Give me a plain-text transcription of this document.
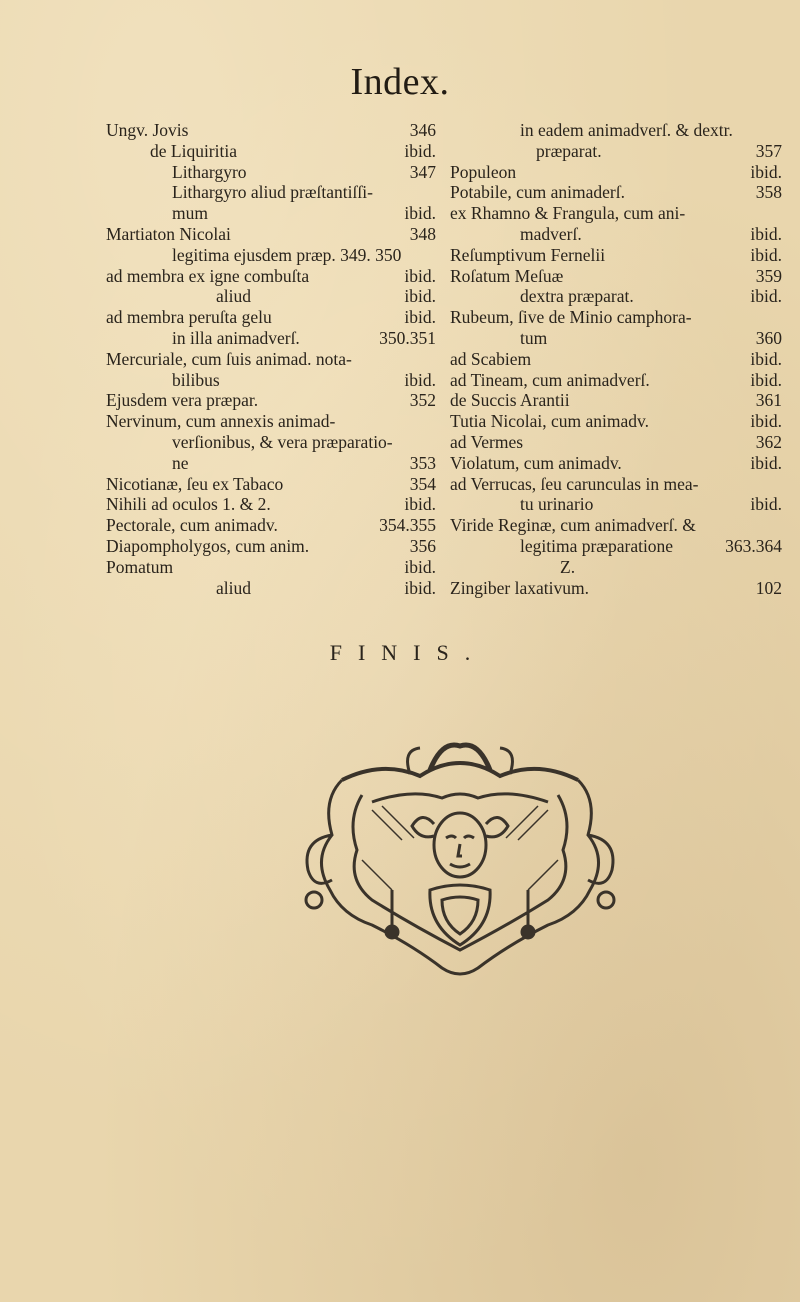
Index.
Ungv. Jovis	346
de Liquiritia	ibid.
Lithargyro	347
Lithargyro aliud præſtantiſſi-
mum	ibid.
Martiaton Nicolai	348
legitima ejusdem præp. 349. 350
ad membra ex igne combuſta	ibid.
aliud	ibid.
ad membra peruſta gelu	ibid.
in illa animadverſ.	350.351
Mercuriale, cum ſuis animad. nota-
bilibus	ibid.
Ejusdem vera præpar.	352
Nervinum, cum annexis animad-
verſionibus, & vera præparatio-
ne	353
Nicotianæ, ſeu ex Tabaco	354
Nihili ad oculos 1. & 2.	ibid.
Pectorale, cum animadv.	354.355
Diapompholygos, cum anim.	356
Pomatum	ibid.
aliud	ibid.
in eadem animadverſ. & dextr.
præparat.	357
Populeon	ibid.
Potabile, cum animaderſ.	358
ex Rhamno & Frangula, cum ani-
madverſ.	ibid.
Reſumptivum Fernelii	ibid.
Roſatum Meſuæ	359
dextra præparat.	ibid.
Rubeum, ſive de Minio camphora-
tum	360
ad Scabiem	ibid.
ad Tineam, cum animadverſ.	ibid.
de Succis Arantii	361
Tutia Nicolai, cum animadv.	ibid.
ad Vermes	362
Violatum, cum animadv.	ibid.
ad Verrucas, ſeu carunculas in mea-
tu urinario	ibid.
Viride Reginæ, cum animadverſ. &
legitima præparatione	363.364
Z.
Zingiber laxativum.	102
FINIS.
